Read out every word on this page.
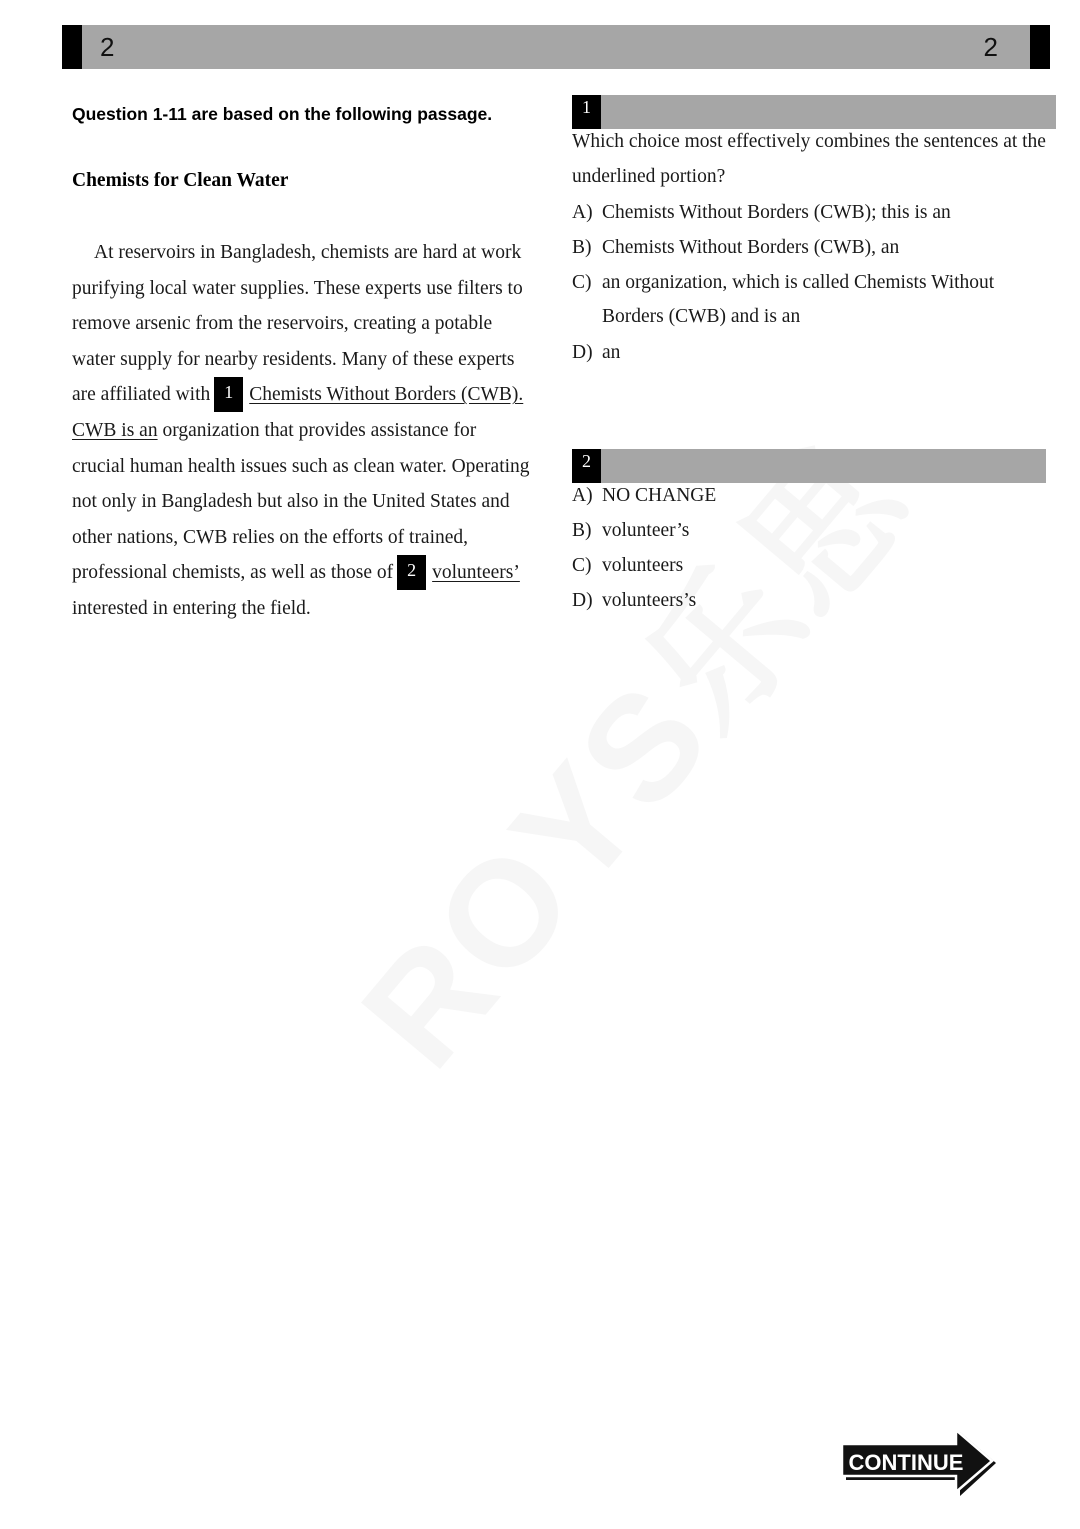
2	2
Question 1-11 are based on the following passage.
Chemists for Clean Water
At reservoirs in Bangladesh, chemists are hard at work
purifying local water supplies. These experts use filters to
remove arsenic from the reservoirs, creating a potable
water supply for nearby residents. Many of these experts
are affiliated with 1 Chemists Without Borders (CWB).
CWB is an organization that provides assistance for
crucial human health issues such as clean water. Operating
not only in Bangladesh but also in the United States and
other nations, CWB relies on the efforts of trained,
professional chemists, as well as those of 2 volunteers’
interested in entering the field.
1
Which choice most effectively combines the sentences at the
underlined portion?
A) Chemists Without Borders (CWB); this is an
B) Chemists Without Borders (CWB), an
C) an organization, which is called Chemists Without
Borders (CWB) and is an
D) an
2
A) NO CHANGE
B) volunteer’s
C) volunteers
D) volunteers’s
CONTINUE
